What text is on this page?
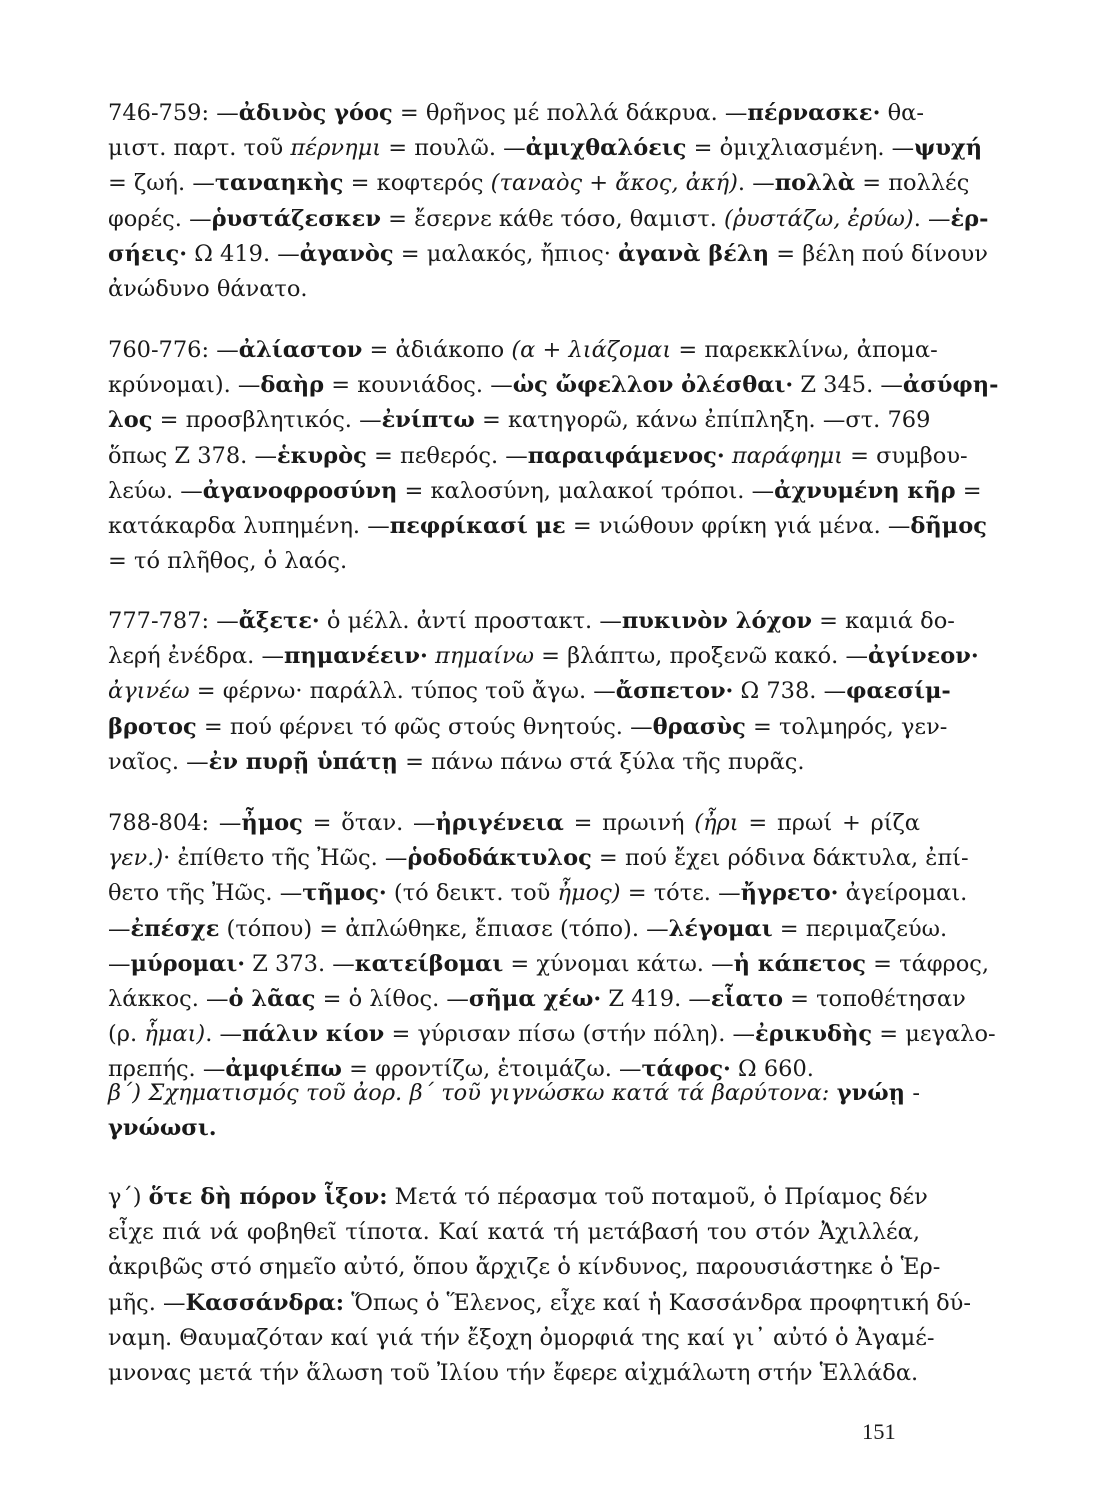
746-759: —ἀδινὸς γόος = θρῆνος μέ πολλά δάκρυα. —πέρνασκε· θα-
μιστ. παρτ. τοῦ πέρνημι = πουλῶ. —ἀμιχθαλόεις = ὀμιχλιασμένη. —ψυχή
= ζωή. —ταναηκὴς = κοφτερός (ταναὸς + ἄκος, ἀκή). —πολλὰ = πολλές
φορές. —ῥυστάζεσκεν = ἔσερνε κάθε τόσο, θαμιστ. (ῥυστάζω, ἐρύω). —ἑρ-
σήεις· Ω 419. —ἀγανὸς = μαλακός, ἤπιος· ἀγανὰ βέλη = βέλη πού δίνουν
ἀνώδυνο θάνατο.

760-776: —ἀλίαστον = ἀδιάκοπο (α + λιάζομαι = παρεκκλίνω, ἀπομα-
κρύνομαι). —δαὴρ = κουνιάδος. —ὡς ὤφελλον ὀλέσθαι· Ζ 345. —ἀσύφη-
λος = προσβλητικός. —ἐνίπτω = κατηγορῶ, κάνω ἐπίπληξη. —στ. 769
ὅπως Ζ 378. —ἑκυρὸς = πεθερός. —παραιφάμενος· παράφημι = συμβου-
λεύω. —ἀγανοφροσύνη = καλοσύνη, μαλακοί τρόποι. —ἀχνυμένη κῆρ =
κατάκαρδα λυπημένη. —πεφρίκασί με = νιώθουν φρίκη γιά μένα. —δῆμος
= τό πλῆθος, ὁ λαός.

777-787: —ἄξετε· ὁ μέλλ. ἀντί προστακτ. —πυκινὸν λόχον = καμιά δο-
λερή ἐνέδρα. —πημανέειν· πημαίνω = βλάπτω, προξενῶ κακό. —ἀγίνεον·
ἀγινέω = φέρνω· παράλλ. τύπος τοῦ ἄγω. —ἄσπετον· Ω 738. —φαεσίμ-
βροτος = πού φέρνει τό φῶς στούς θνητούς. —θρασὺς = τολμηρός, γεν-
ναῖος. —ἐν πυρῇ ὑπάτῃ = πάνω πάνω στά ξύλα τῆς πυρᾶς.

788-804: —ἦμος = ὅταν. —ἠριγένεια = πρωινή (ἦρι = πρωί + ρίζα
γεν.)· ἐπίθετο τῆς Ἠῶς. —ῥοδοδάκτυλος = πού ἔχει ρόδινα δάκτυλα, ἐπί-
θετο τῆς Ἠῶς. —τῆμος· (τό δεικτ. τοῦ ἦμος) = τότε. —ἤγρετο· ἀγείρομαι.
—ἐπέσχε (τόπου) = ἀπλώθηκε, ἔπιασε (τόπο). —λέγομαι = περιμαζεύω.
—μύρομαι· Ζ 373. —κατείβομαι = χύνομαι κάτω. —ἡ κάπετος = τάφρος,
λάκκος. —ὁ λᾶας = ὁ λίθος. —σῆμα χέω· Ζ 419. —εἷατο = τοποθέτησαν
(ρ. ἧμαι). —πάλιν κίον = γύρισαν πίσω (στήν πόλη). —ἐρικυδὴς = μεγαλο-
πρεπής. —ἀμφιέπω = φροντίζω, ἑτοιμάζω. —τάφος· Ω 660.

β΄) Σχηματισμός τοῦ ἀορ. β΄ τοῦ γιγνώσκω κατά τά βαρύτονα: γνώῃ -
γνώωσι.

γ΄) ὅτε δὴ πόρον ἷξον: Μετά τό πέρασμα τοῦ ποταμοῦ, ὁ Πρίαμος δέν
εἶχε πιά νά φοβηθεῖ τίποτα. Καί κατά τή μετάβασή του στόν Ἀχιλλέα,
ἀκριβῶς στό σημεῖο αὐτό, ὅπου ἄρχιζε ὁ κίνδυνος, παρουσιάστηκε ὁ Ἑρ-
μῆς. —Κασσάνδρα: Ὅπως ὁ Ἕλενος, εἶχε καί ἡ Κασσάνδρα προφητική δύ-
ναμη. Θαυμαζόταν καί γιά τήν ἔξοχη ὀμορφιά της καί γι᾽ αὐτό ὁ Ἀγαμέ-
μνονας μετά τήν ἅλωση τοῦ Ἰλίου τήν ἔφερε αἰχμάλωτη στήν Ἑλλάδα.

151
